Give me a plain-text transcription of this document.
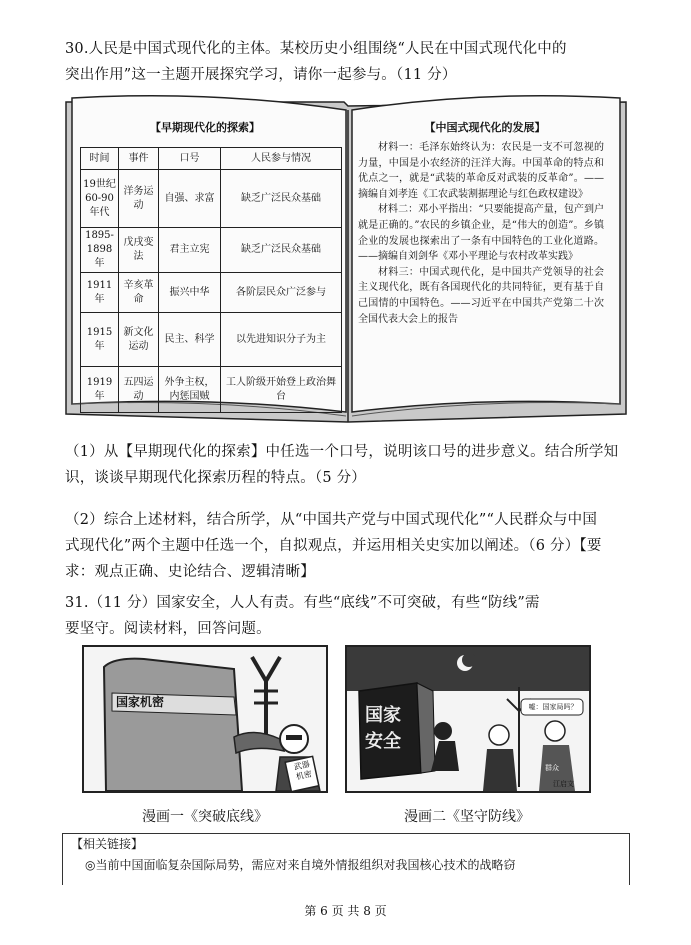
30.人民是中国式现代化的主体。某校历史小组围绕“人民在中国式现代化中的
突出作用”这一主题开展探究学习，请你一起参与。（11 分）
【早期现代化的探索】	【中国式现代化的发展】
时间	事件	口号	人民参与情况
19世纪60-90年代	洋务运动	自强、求富	缺乏广泛民众基础
1895-1898年	戊戌变法	君主立宪	缺乏广泛民众基础
1911年	辛亥革命	振兴中华	各阶层民众广泛参与
1915年	新文化运动	民主、科学	以先进知识分子为主
1919年	五四运动	外争主权，内惩国贼	工人阶级开始登上政治舞台

材料一：毛泽东始终认为：农民是一支不可忽视的力量，中国是小农经济的汪洋大海。中国革命的特点和优点之一，就是“武装的革命反对武装的反革命”。——摘编自刘孝连《工农武装割据理论与红色政权建设》

材料二：邓小平指出：“只要能提高产量，包产到户就是正确的。”农民的乡镇企业，是“伟大的创造”。乡镇企业的发展也探索出了一条有中国特色的工业化道路。——摘编自刘剑华《邓小平理论与农村改革实践》

材料三：中国式现代化，是中国共产党领导的社会主义现代化，既有各国现代化的共同特征，更有基于自己国情的中国特色。——习近平在中国共产党第二十次全国代表大会上的报告

（1）从【早期现代化的探索】中任选一个口号，说明该口号的进步意义。结合所学知
识，谈谈早期现代化探索历程的特点。（5 分）
（2）综合上述材料，结合所学，从“中国共产党与中国式现代化”“人民群众与中国
式现代化”两个主题中任选一个，自拟观点，并运用相关史实加以阐述。（6 分）【要
求：观点正确、史论结合、逻辑清晰】
31.（11 分）国家安全，人人有责。有些“底线”不可突破，有些“防线”需
要坚守。阅读材料，回答问题。
国家机密
武器机密
国家安全
嘘：国家局吗？
群众
江启文
漫画一《突破底线》	漫画二《坚守防线》
【相关链接】
◎当前中国面临复杂国际局势，需应对来自境外情报组织对我国核心技术的战略窃
第 6 页 共 8 页
